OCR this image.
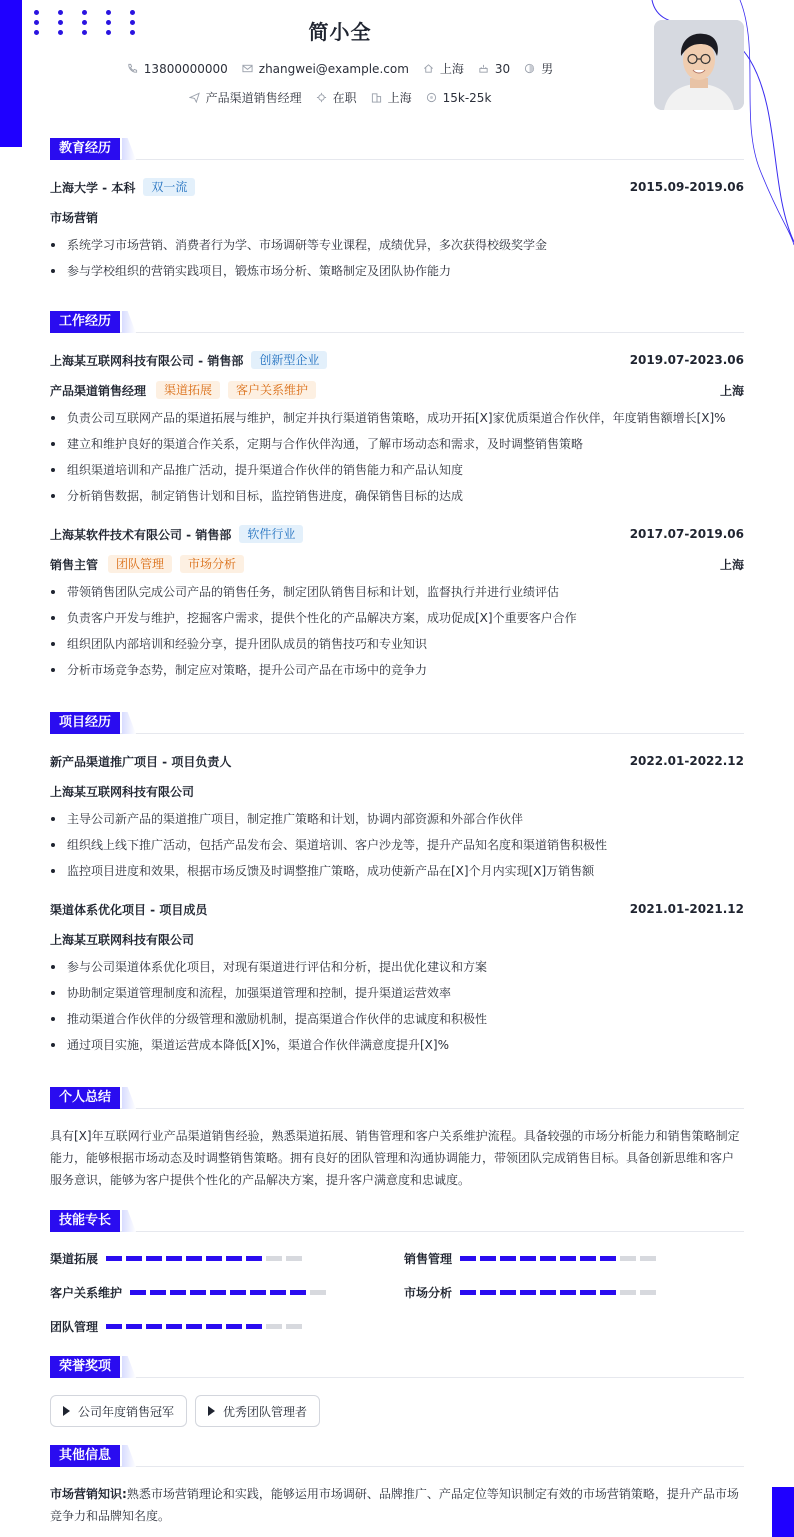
简小全
13800000000	zhangwei@example.com	上海	30	男
产品渠道销售经理	在职	上海	15k-25k
教育经历
上海大学 - 本科	双一流	2015.09-2019.06
市场营销
系统学习市场营销、消费者行为学、市场调研等专业课程，成绩优异，多次获得校级奖学金
参与学校组织的营销实践项目，锻炼市场分析、策略制定及团队协作能力
工作经历
上海某互联网科技有限公司 - 销售部	创新型企业	2019.07-2023.06
产品渠道销售经理	渠道拓展	客户关系维护	上海
负责公司互联网产品的渠道拓展与维护，制定并执行渠道销售策略，成功开拓[X]家优质渠道合作伙伴，年度销售额增长[X]%
建立和维护良好的渠道合作关系，定期与合作伙伴沟通，了解市场动态和需求，及时调整销售策略
组织渠道培训和产品推广活动，提升渠道合作伙伴的销售能力和产品认知度
分析销售数据，制定销售计划和目标，监控销售进度，确保销售目标的达成
上海某软件技术有限公司 - 销售部	软件行业	2017.07-2019.06
销售主管	团队管理	市场分析	上海
带领销售团队完成公司产品的销售任务，制定团队销售目标和计划，监督执行并进行业绩评估
负责客户开发与维护，挖掘客户需求，提供个性化的产品解决方案，成功促成[X]个重要客户合作
组织团队内部培训和经验分享，提升团队成员的销售技巧和专业知识
分析市场竞争态势，制定应对策略，提升公司产品在市场中的竞争力
项目经历
新产品渠道推广项目 - 项目负责人	2022.01-2022.12
上海某互联网科技有限公司
主导公司新产品的渠道推广项目，制定推广策略和计划，协调内部资源和外部合作伙伴
组织线上线下推广活动，包括产品发布会、渠道培训、客户沙龙等，提升产品知名度和渠道销售积极性
监控项目进度和效果，根据市场反馈及时调整推广策略，成功使新产品在[X]个月内实现[X]万销售额
渠道体系优化项目 - 项目成员	2021.01-2021.12
上海某互联网科技有限公司
参与公司渠道体系优化项目，对现有渠道进行评估和分析，提出优化建议和方案
协助制定渠道管理制度和流程，加强渠道管理和控制，提升渠道运营效率
推动渠道合作伙伴的分级管理和激励机制，提高渠道合作伙伴的忠诚度和积极性
通过项目实施，渠道运营成本降低[X]%，渠道合作伙伴满意度提升[X]%
个人总结

具有[X]年互联网行业产品渠道销售经验，熟悉渠道拓展、销售管理和客户关系维护流程。具备较强的市场分析能力和销售策略制定能力，能够根据市场动态及时调整销售策略。拥有良好的团队管理和沟通协调能力，带领团队完成销售目标。具备创新思维和客户服务意识，能够为客户提供个性化的产品解决方案，提升客户满意度和忠诚度。

技能专长
渠道拓展	销售管理
客户关系维护	市场分析
团队管理
荣誉奖项
公司年度销售冠军	优秀团队管理者
其他信息

市场营销知识:熟悉市场营销理论和实践，能够运用市场调研、品牌推广、产品定位等知识制定有效的市场营销策略，提升产品市场竞争力和品牌知名度。
